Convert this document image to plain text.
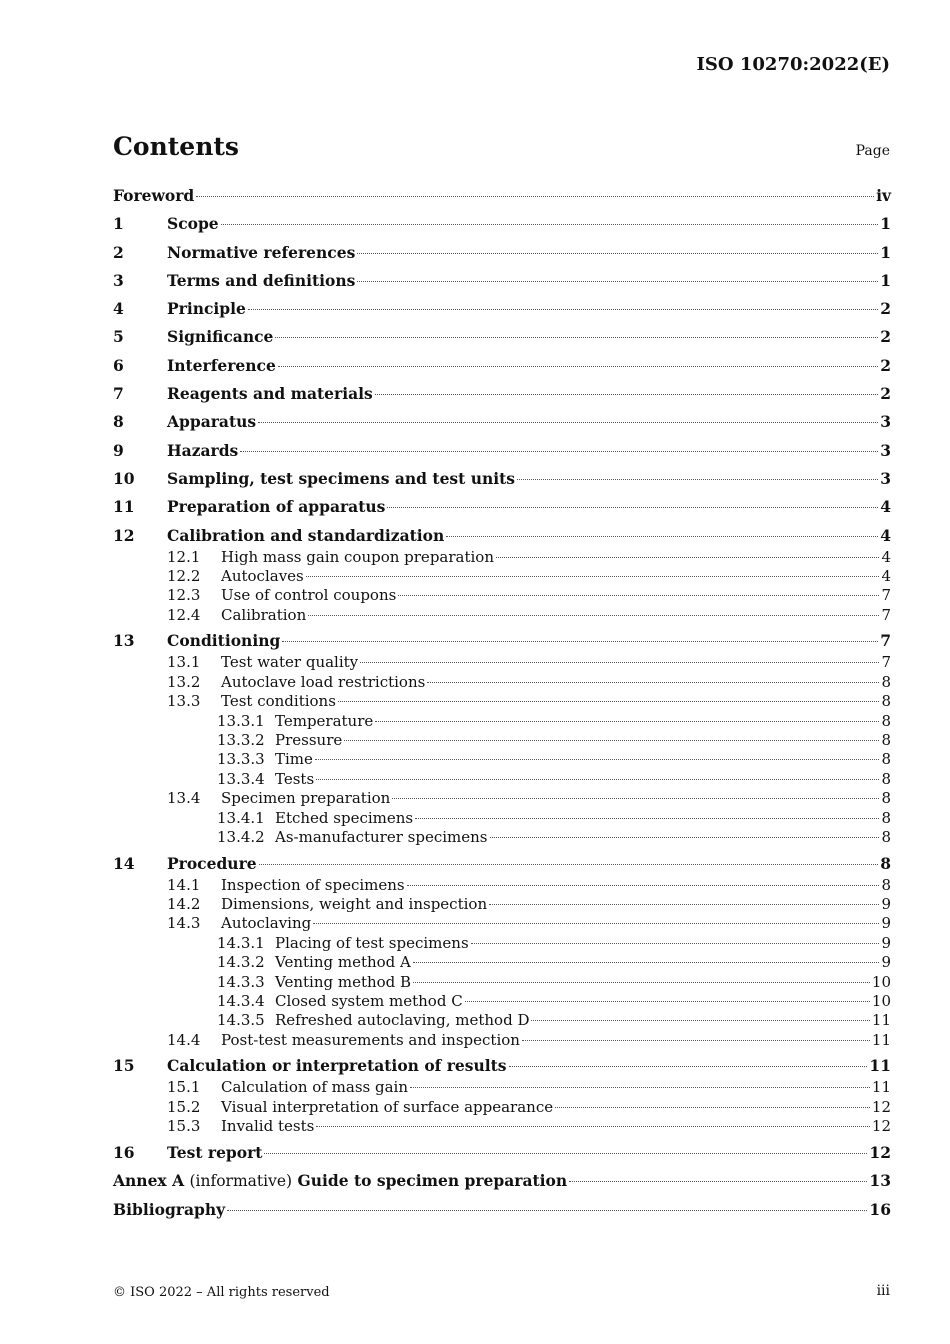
ISO 10270:2022(E)
Contents	Page
Foreword	iv
1	Scope	1
2	Normative references	1
3	Terms and definitions	1
4	Principle	2
5	Significance	2
6	Interference	2
7	Reagents and materials	2
8	Apparatus	3
9	Hazards	3
10	Sampling, test specimens and test units	3
11	Preparation of apparatus	4
12	Calibration and standardization	4
12.1	High mass gain coupon preparation	4
12.2	Autoclaves	4
12.3	Use of control coupons	7
12.4	Calibration	7
13	Conditioning	7
13.1	Test water quality	7
13.2	Autoclave load restrictions	8
13.3	Test conditions	8
13.3.1 Temperature	8
13.3.2 Pressure	8
13.3.3 Time	8
13.3.4 Tests	8
13.4	Specimen preparation	8
13.4.1 Etched specimens	8
13.4.2 As-manufacturer specimens	8
14	Procedure	8
14.1	Inspection of specimens	8
14.2	Dimensions, weight and inspection	9
14.3	Autoclaving	9
14.3.1 Placing of test specimens	9
14.3.2 Venting method A	9
14.3.3 Venting method B	10
14.3.4 Closed system method C	10
14.3.5 Refreshed autoclaving, method D	11
14.4	Post-test measurements and inspection	11
15	Calculation or interpretation of results	11
15.1	Calculation of mass gain	11
15.2	Visual interpretation of surface appearance	12
15.3	Invalid tests	12
16	Test report	12
Annex A (informative) Guide to specimen preparation	13
Bibliography	16
© ISO 2022 – All rights reserved	iii
